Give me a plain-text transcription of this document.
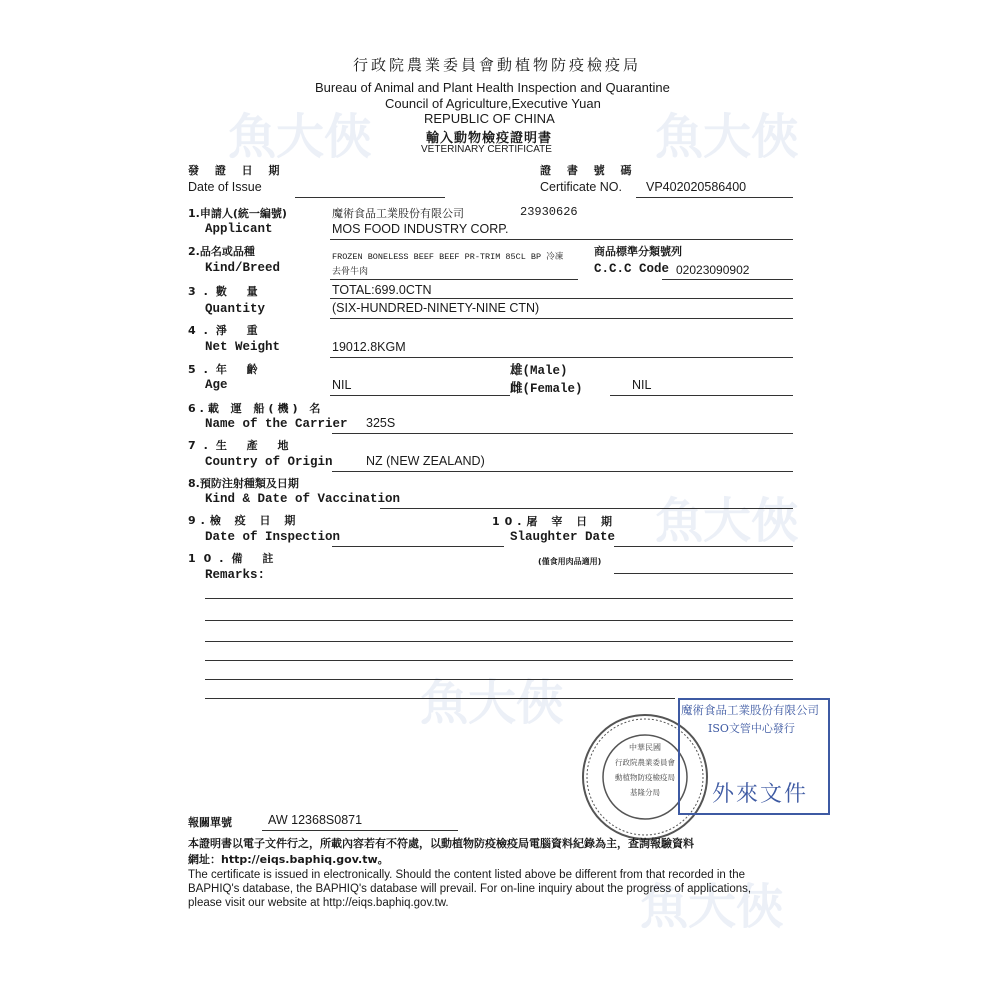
魚大俠	魚大俠
魚大俠
魚大俠
魚大俠
行政院農業委員會動植物防疫檢疫局
Bureau of Animal and Plant Health Inspection and Quarantine
Council of Agriculture,Executive Yuan
REPUBLIC OF CHINA
輸入動物檢疫證明書
VETERINARY CERTIFICATE
發 證 日 期
Date of Issue
證 書 號 碼
Certificate NO. VP402020586400
1.申請人(統一編號)
Applicant
魔術食品工業股份有限公司	23930626
MOS FOOD INDUSTRY CORP.
2.品名或品種
Kind/Breed
FROZEN BONELESS BEEF BEEF PR-TRIM 85CL BP 冷凍
去骨牛肉
商品標準分類號列
C.C.C Code 02023090902
3.數 量	TOTAL:699.0CTN
Quantity	(SIX-HUNDRED-NINETY-NINE CTN)
4.淨 重
Net Weight	19012.8KGM
5.年 齡
Age	NIL
雄(Male)
雌(Female)	NIL
6.載 運 船(機) 名
Name of the Carrier 325S
7.生 產 地
Country of Origin	NZ (NEW ZEALAND)
8.預防注射種類及日期
Kind & Date of Vaccination
9.檢 疫 日 期
Date of Inspection
10.屠 宰 日 期
Slaughter Date
10.備 註	(僅食用肉品適用)
Remarks:
中華民國
行政院農業委員會
動植物防疫檢疫局
基隆分局
魔術食品工業股份有限公司
ISO文管中心發行
外來文件
報關單號	AW 12368S0871
本證明書以電子文件行之，所載內容若有不符處，以動植物防疫檢疫局電腦資料紀錄為主，查詢報驗資料
網址：http://eiqs.baphiq.gov.tw。
The certificate is issued in electronically. Should the content listed above be different from that recorded in the
BAPHIQ's database, the BAPHIQ's database will prevail. For on-line inquiry about the progress of applications,
please visit our website at http://eiqs.baphiq.gov.tw.
